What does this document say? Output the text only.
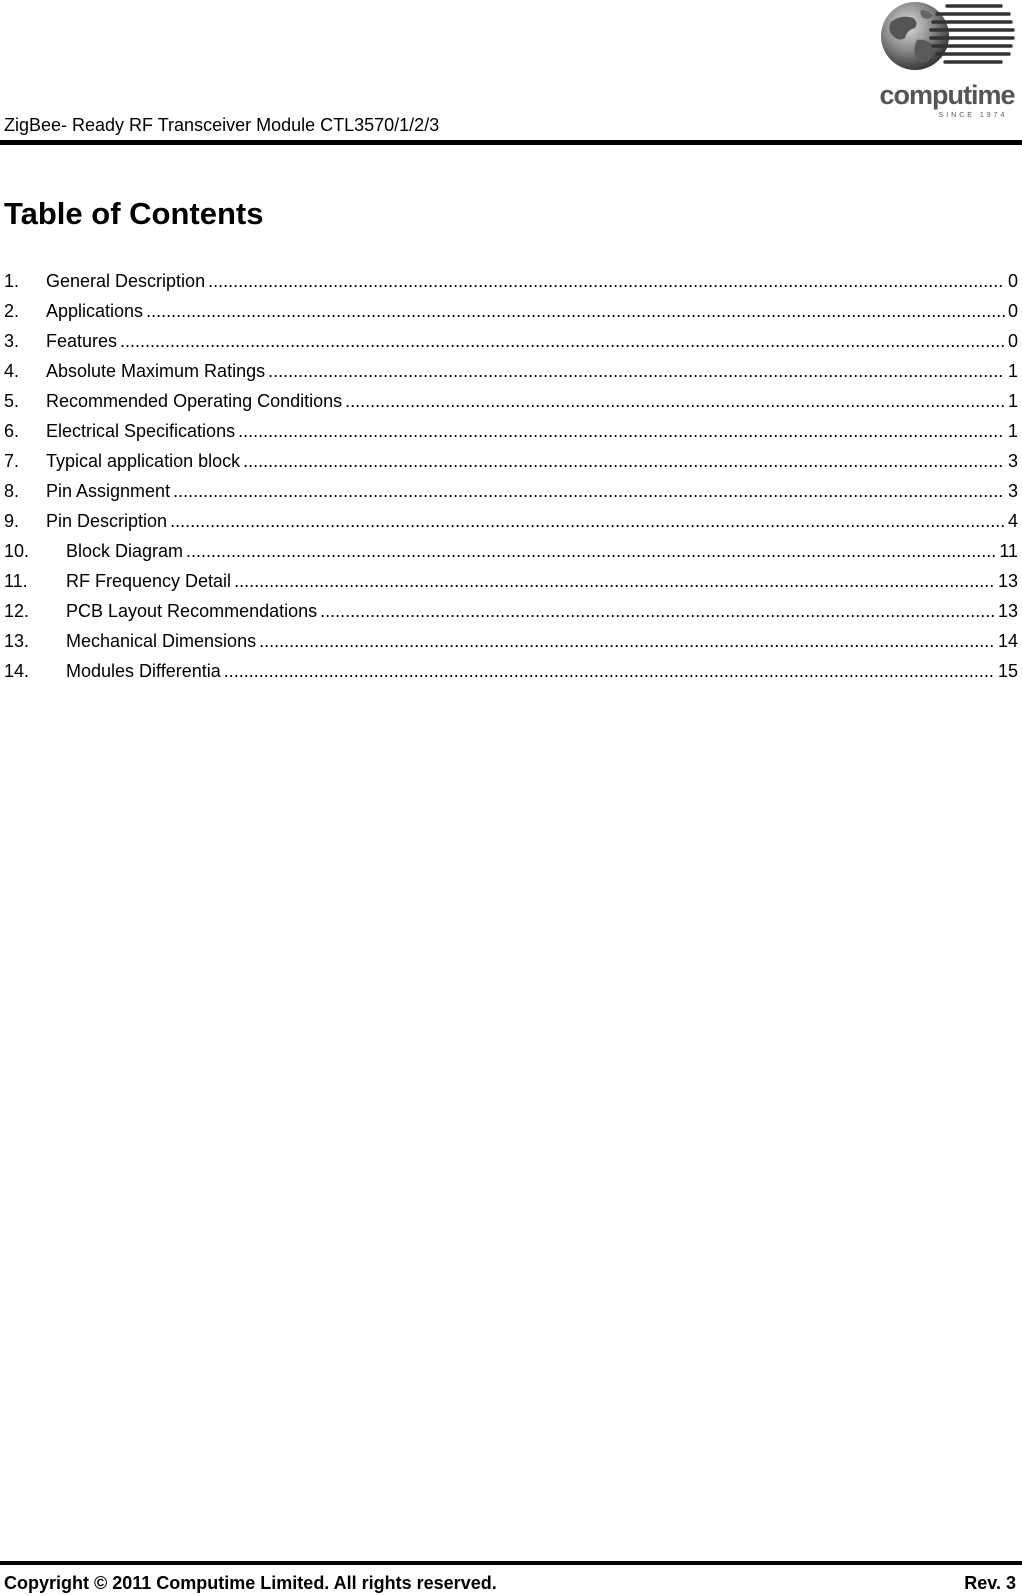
ZigBee- Ready RF Transceiver Module CTL3570/1/2/3
computime
SINCE 1974
Table of Contents
1.	General Description .....	0
2.	Applications .....	0
3.	Features .....	0
4.	Absolute Maximum Ratings .....	1
5.	Recommended Operating Conditions .....	1
6.	Electrical Specifications .....	1
7.	Typical application block .....	3
8.	Pin Assignment .....	3
9.	Pin Description .....	4
10.	Block Diagram .....	11
11.	RF Frequency Detail .....	13
12.	PCB Layout Recommendations .....	13
13.	Mechanical Dimensions .....	14
14.	Modules Differentia .....	15
Copyright © 2011 Computime Limited. All rights reserved.	Rev. 3
